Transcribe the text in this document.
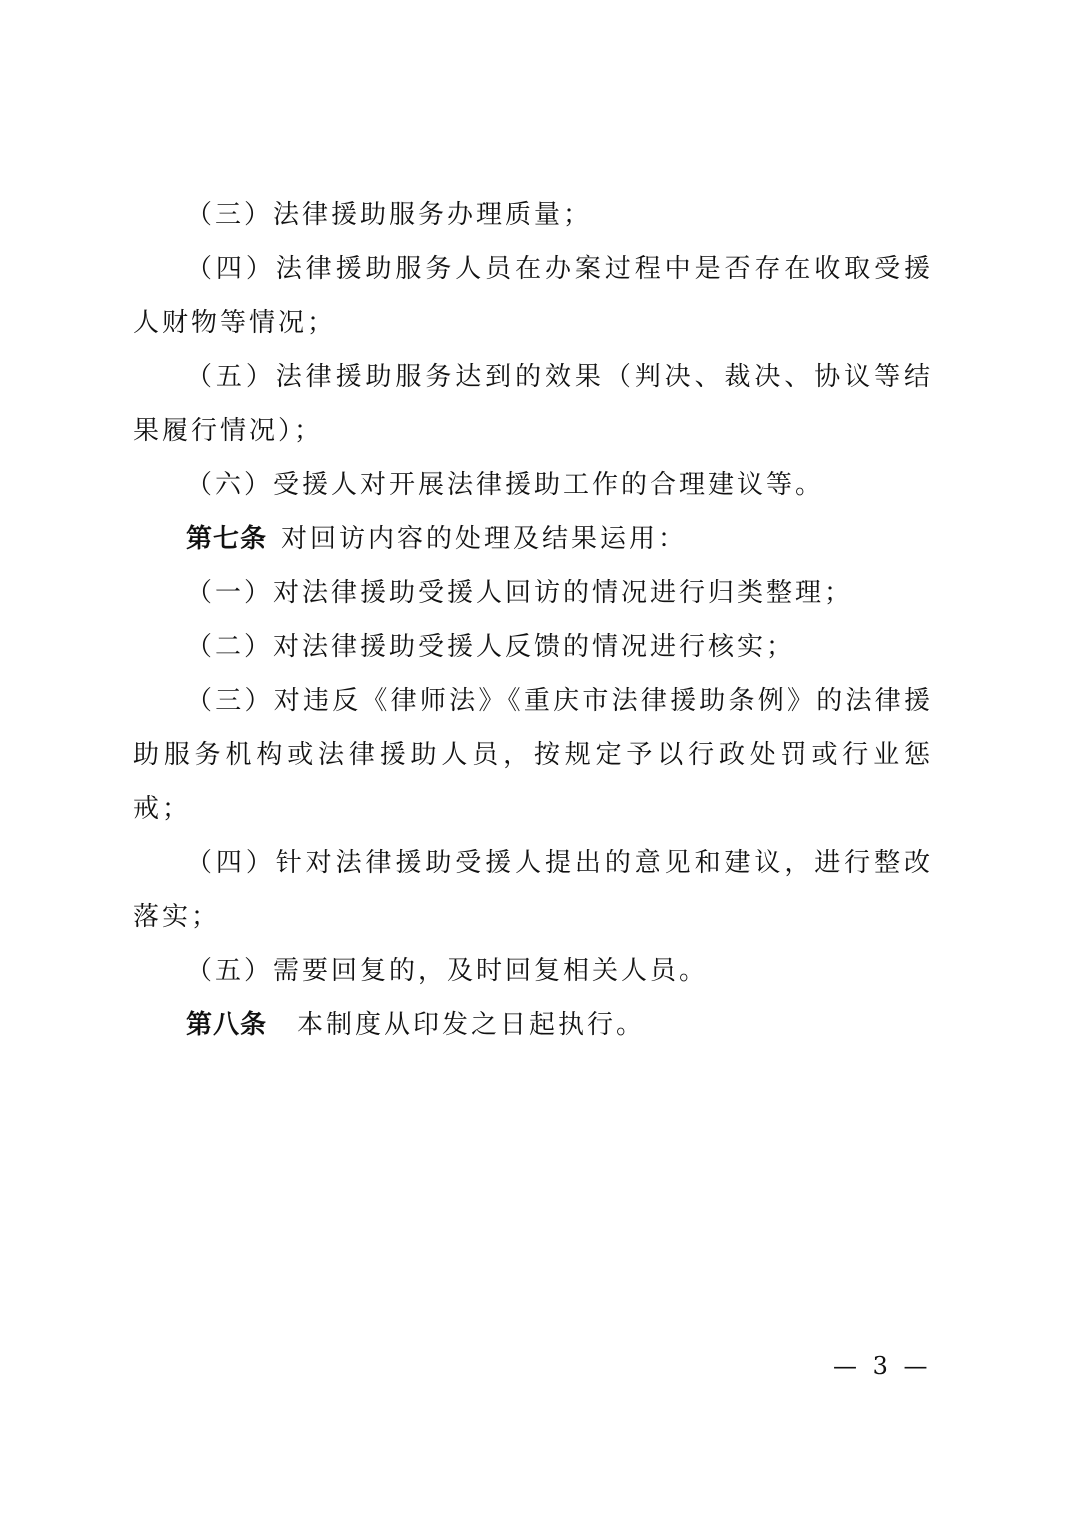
（三）法律援助服务办理质量；

（四）法律援助服务人员在办案过程中是否存在收取受援人财物等情况；

（五）法律援助服务达到的效果（判决、裁决、协议等结果履行情况）；

（六）受援人对开展法律援助工作的合理建议等。

第七条 对回访内容的处理及结果运用：

（一）对法律援助受援人回访的情况进行归类整理；

（二）对法律援助受援人反馈的情况进行核实；

（三）对违反《律师法》《重庆市法律援助条例》的法律援助服务机构或法律援助人员，按规定予以行政处罚或行业惩戒；

（四）针对法律援助受援人提出的意见和建议，进行整改落实；

（五）需要回复的，及时回复相关人员。

第八条 本制度从印发之日起执行。

— 3 —
